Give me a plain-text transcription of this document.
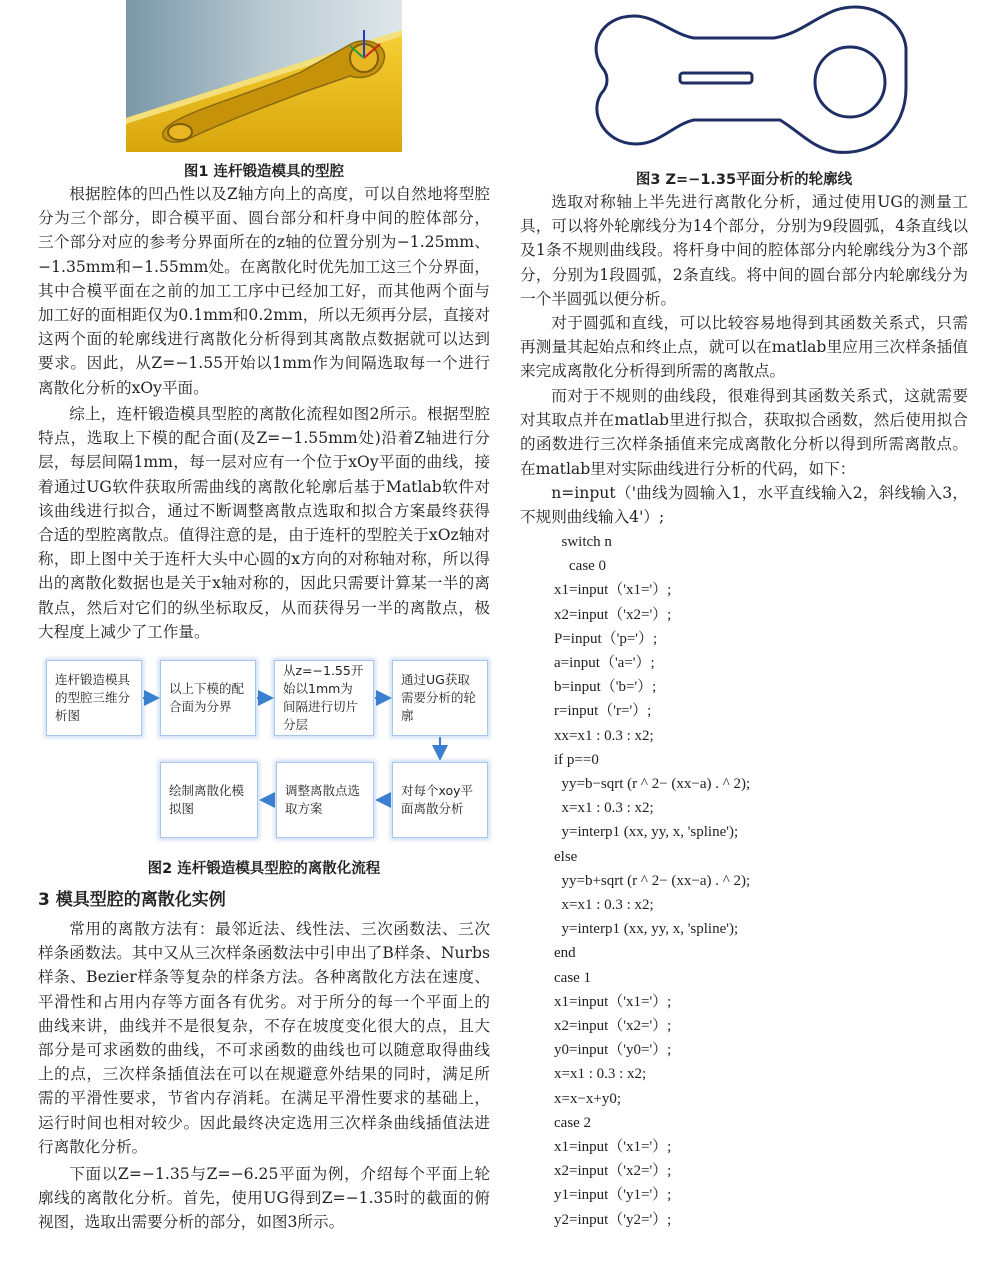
图1 连杆锻造模具的型腔

根据腔体的凹凸性以及Z轴方向上的高度，可以自然地将型腔分为三个部分，即合模平面、圆台部分和杆身中间的腔体部分，三个部分对应的参考分界面所在的z轴的位置分别为−1.25mm、−1.35mm和−1.55mm处。在离散化时优先加工这三个分界面，其中合模平面在之前的加工工序中已经加工好，而其他两个面与加工好的面相距仅为0.1mm和0.2mm，所以无须再分层，直接对这两个面的轮廓线进行离散化分析得到其离散点数据就可以达到要求。因此，从Z=−1.55开始以1mm作为间隔选取每一个进行离散化分析的xOy平面。

综上，连杆锻造模具型腔的离散化流程如图2所示。根据型腔特点，选取上下模的配合面(及Z=−1.55mm处)沿着Z轴进行分层，每层间隔1mm，每一层对应有一个位于xOy平面的曲线，接着通过UG软件获取所需曲线的离散化轮廓后基于Matlab软件对该曲线进行拟合，通过不断调整离散点选取和拟合方案最终获得合适的型腔离散点。值得注意的是，由于连杆的型腔关于xOz轴对称，即上图中关于连杆大头中心圆的x方向的对称轴对称，所以得出的离散化数据也是关于x轴对称的，因此只需要计算某一半的离散点，然后对它们的纵坐标取反，从而获得另一半的离散点，极大程度上减少了工作量。

连杆锻造模具的型腔三维分析图
以上下模的配合面为分界
从z=−1.55开始以1mm为间隔进行切片分层
通过UG获取需要分析的轮廓
对每个xoy平面离散分析
调整离散点选取方案
绘制离散化模拟图
图2 连杆锻造模具型腔的离散化流程
3 模具型腔的离散化实例

常用的离散方法有：最邻近法、线性法、三次函数法、三次样条函数法。其中又从三次样条函数法中引申出了B样条、Nurbs样条、Bezier样条等复杂的样条方法。各种离散化方法在速度、平滑性和占用内存等方面各有优劣。对于所分的每一个平面上的曲线来讲，曲线并不是很复杂，不存在坡度变化很大的点，且大部分是可求函数的曲线，不可求函数的曲线也可以随意取得曲线上的点，三次样条插值法在可以在规避意外结果的同时，满足所需的平滑性要求，节省内存消耗。在满足平滑性要求的基础上，运行时间也相对较少。因此最终决定选用三次样条曲线插值法进行离散化分析。

下面以Z=−1.35与Z=−6.25平面为例，介绍每个平面上轮廓线的离散化分析。首先，使用UG得到Z=−1.35时的截面的俯视图，选取出需要分析的部分，如图3所示。

图3 Z=−1.35平面分析的轮廓线

选取对称轴上半先进行离散化分析，通过使用UG的测量工具，可以将外轮廓线分为14个部分，分别为9段圆弧，4条直线以及1条不规则曲线段。将杆身中间的腔体部分内轮廓线分为3个部分，分别为1段圆弧，2条直线。将中间的圆台部分内轮廓线分为一个半圆弧以便分析。

对于圆弧和直线，可以比较容易地得到其函数关系式，只需再测量其起始点和终止点，就可以在matlab里应用三次样条插值来完成离散化分析得到所需的离散点。

而对于不规则的曲线段，很难得到其函数关系式，这就需要对其取点并在matlab里进行拟合，获取拟合函数，然后使用拟合的函数进行三次样条插值来完成离散化分析以得到所需离散点。在matlab里对实际曲线进行分析的代码，如下：

n=input（'曲线为圆输入1，水平直线输入2，斜线输入3，不规则曲线输入4'）;

switch n
case 0
x1=input（'x1='）;
x2=input（'x2='）;
P=input（'p='）;
a=input（'a='）;
b=input（'b='）;
r=input（'r='）;
xx=x1 : 0.3 : x2;
if p==0
yy=b−sqrt (r ^ 2− (xx−a) . ^ 2);
x=x1 : 0.3 : x2;
y=interp1 (xx, yy, x, 'spline');
else
yy=b+sqrt (r ^ 2− (xx−a) . ^ 2);
x=x1 : 0.3 : x2;
y=interp1 (xx, yy, x, 'spline');
end
case 1
x1=input（'x1='）;
x2=input（'x2='）;
y0=input（'y0='）;
x=x1 : 0.3 : x2;
x=x−x+y0;
case 2
x1=input（'x1='）;
x2=input（'x2='）;
y1=input（'y1='）;
y2=input（'y2='）;
